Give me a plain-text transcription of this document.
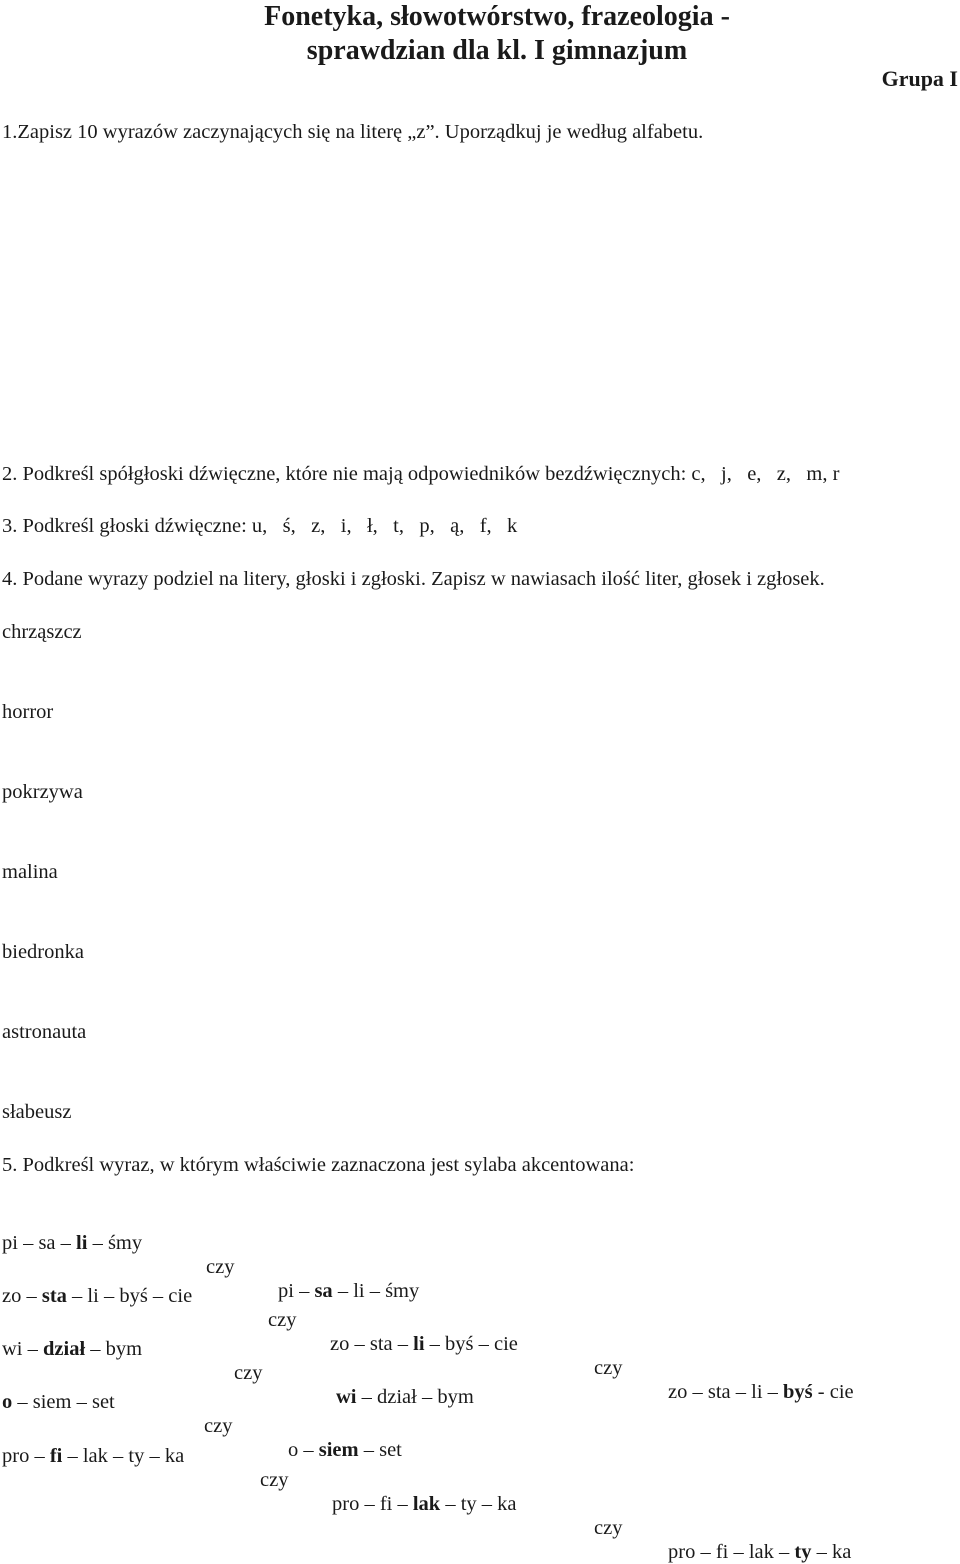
Fonetyka, słowotwórstwo, frazeologia -
sprawdzian dla kl. I gimnazjum
Grupa I
1.Zapisz 10 wyrazów zaczynających się na literę „z”. Uporządkuj je według alfabetu.
2. Podkreśl spółgłoski dźwięczne, które nie mają odpowiedników bezdźwięcznych: c,   j,   e,   z,   m, r
3. Podkreśl głoski dźwięczne: u,   ś,   z,   i,   ł,   t,   p,   ą,   f,   k
4. Podane wyrazy podziel na litery, głoski i zgłoski. Zapisz w nawiasach ilość liter, głosek i zgłosek.
chrząszcz
horror
pokrzywa
malina
biedronka
astronauta
słabeusz
5. Podkreśl wyraz, w którym właściwie zaznaczona jest sylaba akcentowana:

pi – sa – li – śmy

czy

pi – sa – li – śmy

zo – sta – li – byś – cie

czy

zo – sta – li – byś – cie

czy

zo – sta – li – byś - cie

wi – dział – bym

czy

wi – dział – bym

o – siem – set

czy

o – siem – set

pro – fi – lak – ty – ka

czy

pro – fi – lak – ty – ka

czy

pro – fi – lak – ty – ka
